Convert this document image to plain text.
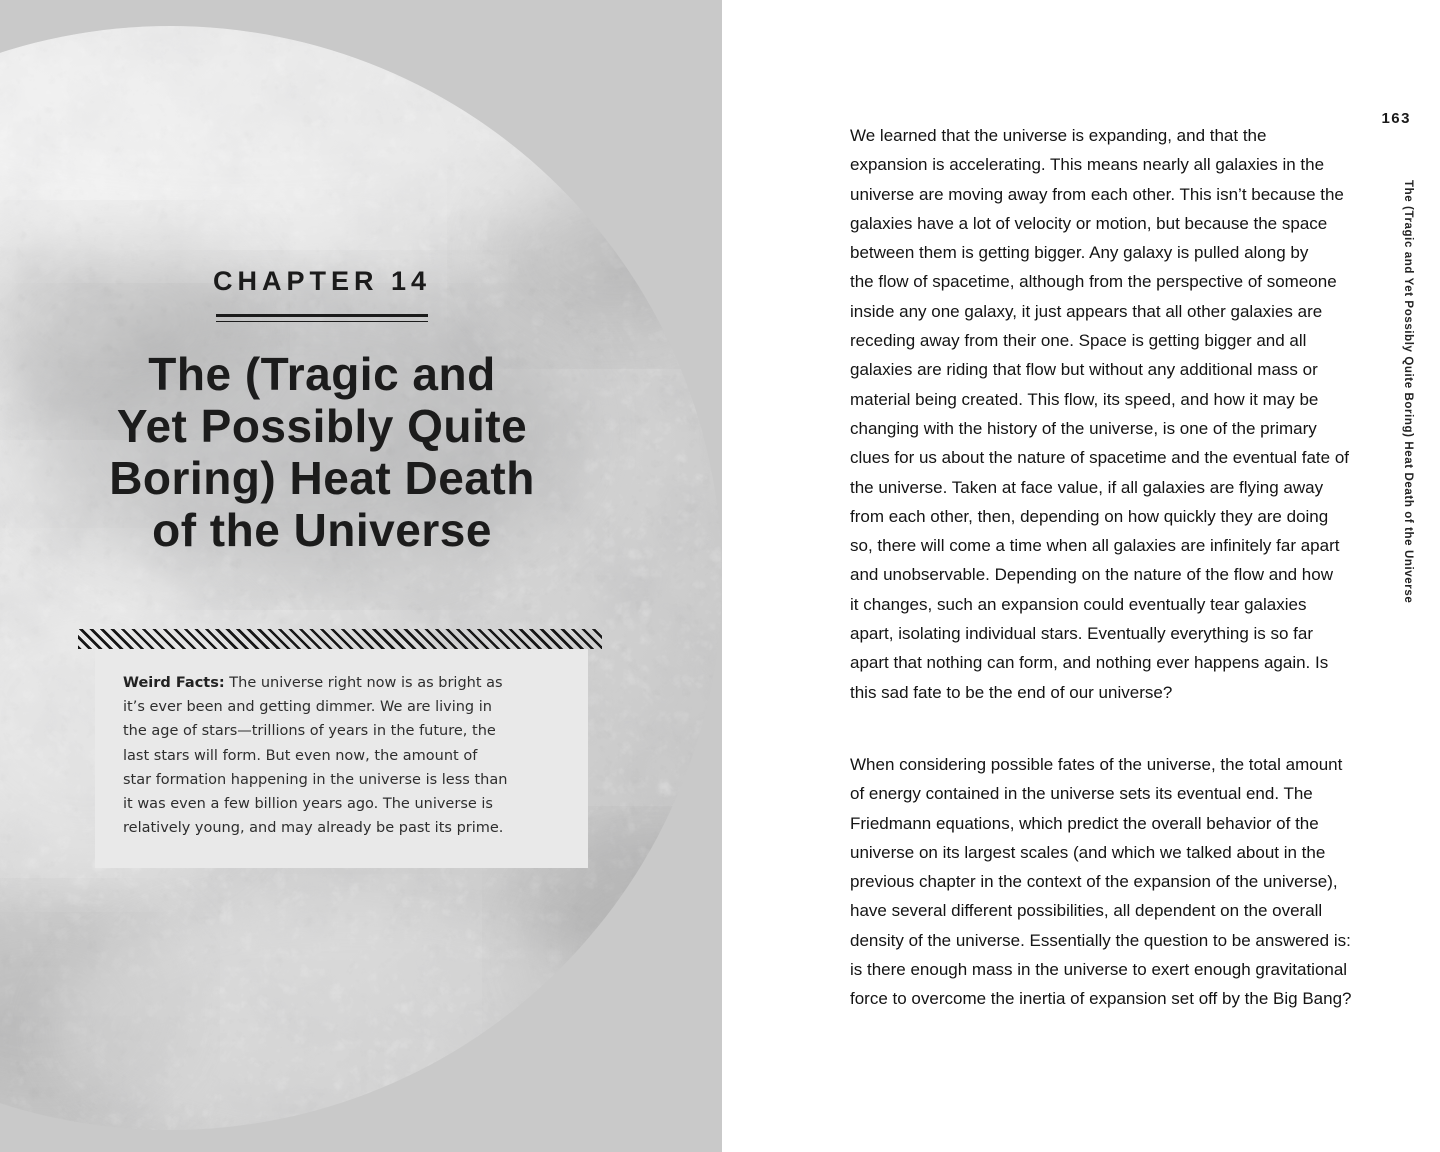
CHAPTER 14
The (Tragic and
Yet Possibly Quite
Boring) Heat Death
of the Universe
Weird Facts: The universe right now is as bright as
it’s ever been and getting dimmer. We are living in
the age of stars—trillions of years in the future, the
last stars will form. But even now, the amount of
star formation happening in the universe is less than
it was even a few billion years ago. The universe is
relatively young, and may already be past its prime.
163
The (Tragic and Yet Possibly Quite Boring) Heat Death of the Universe
We learned that the universe is expanding, and that the
expansion is accelerating. This means nearly all galaxies in the
universe are moving away from each other. This isn’t because the
galaxies have a lot of velocity or motion, but because the space
between them is getting bigger. Any galaxy is pulled along by
the flow of spacetime, although from the perspective of someone
inside any one galaxy, it just appears that all other galaxies are
receding away from their one. Space is getting bigger and all
galaxies are riding that flow but without any additional mass or
material being created. This flow, its speed, and how it may be
changing with the history of the universe, is one of the primary
clues for us about the nature of spacetime and the eventual fate of
the universe. Taken at face value, if all galaxies are flying away
from each other, then, depending on how quickly they are doing
so, there will come a time when all galaxies are infinitely far apart
and unobservable. Depending on the nature of the flow and how
it changes, such an expansion could eventually tear galaxies
apart, isolating individual stars. Eventually everything is so far
apart that nothing can form, and nothing ever happens again. Is
this sad fate to be the end of our universe?
When considering possible fates of the universe, the total amount
of energy contained in the universe sets its eventual end. The
Friedmann equations, which predict the overall behavior of the
universe on its largest scales (and which we talked about in the
previous chapter in the context of the expansion of the universe),
have several different possibilities, all dependent on the overall
density of the universe. Essentially the question to be answered is:
is there enough mass in the universe to exert enough gravitational
force to overcome the inertia of expansion set off by the Big Bang?
